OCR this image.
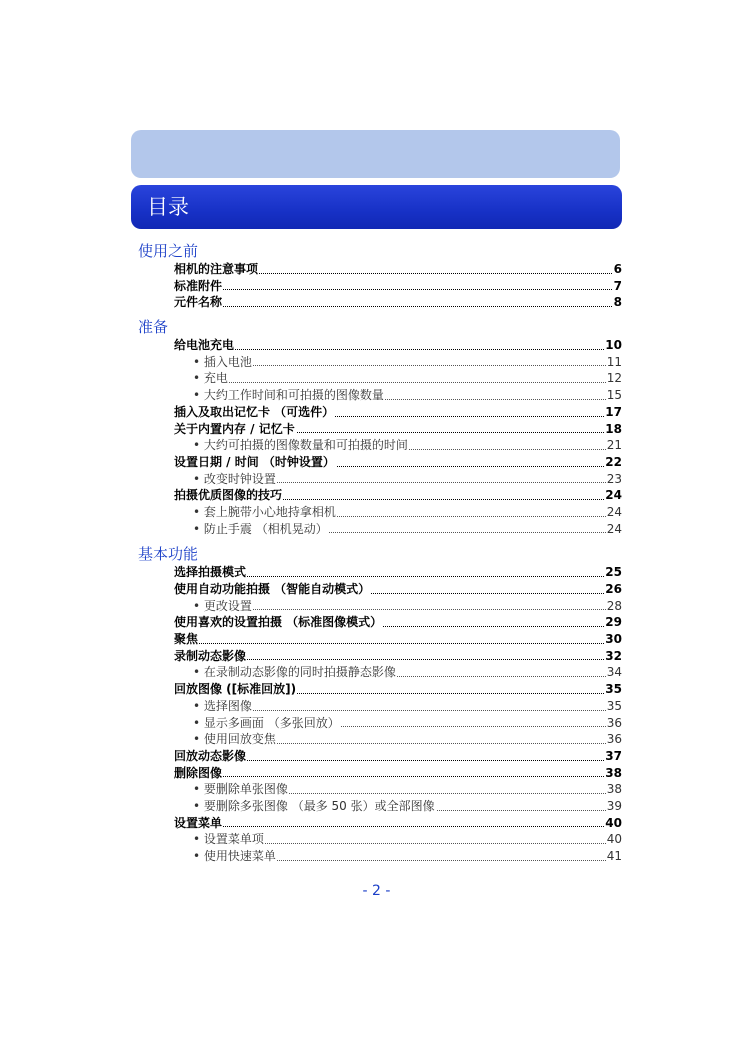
目录
使用之前
相机的注意事项	6
标准附件	7
元件名称	8
准备
给电池充电	10
• 插入电池	11
• 充电	12
• 大约工作时间和可拍摄的图像数量	15
插入及取出记忆卡 （可选件）	17
关于内置内存 / 记忆卡	18
• 大约可拍摄的图像数量和可拍摄的时间	21
设置日期 / 时间 （时钟设置）	22
• 改变时钟设置	23
拍摄优质图像的技巧	24
• 套上腕带小心地持拿相机	24
• 防止手震 （相机晃动）	24
基本功能
选择拍摄模式	25
使用自动功能拍摄 （智能自动模式）	26
• 更改设置	28
使用喜欢的设置拍摄 （标准图像模式）	29
聚焦	30
录制动态影像	32
• 在录制动态影像的同时拍摄静态影像	34
回放图像 ([标准回放])	35
• 选择图像	35
• 显示多画面 （多张回放）	36
• 使用回放变焦	36
回放动态影像	37
删除图像	38
• 要删除单张图像	38
• 要删除多张图像 （最多 50 张）或全部图像	39
设置菜单	40
• 设置菜单项	40
• 使用快速菜单	41
- 2 -
